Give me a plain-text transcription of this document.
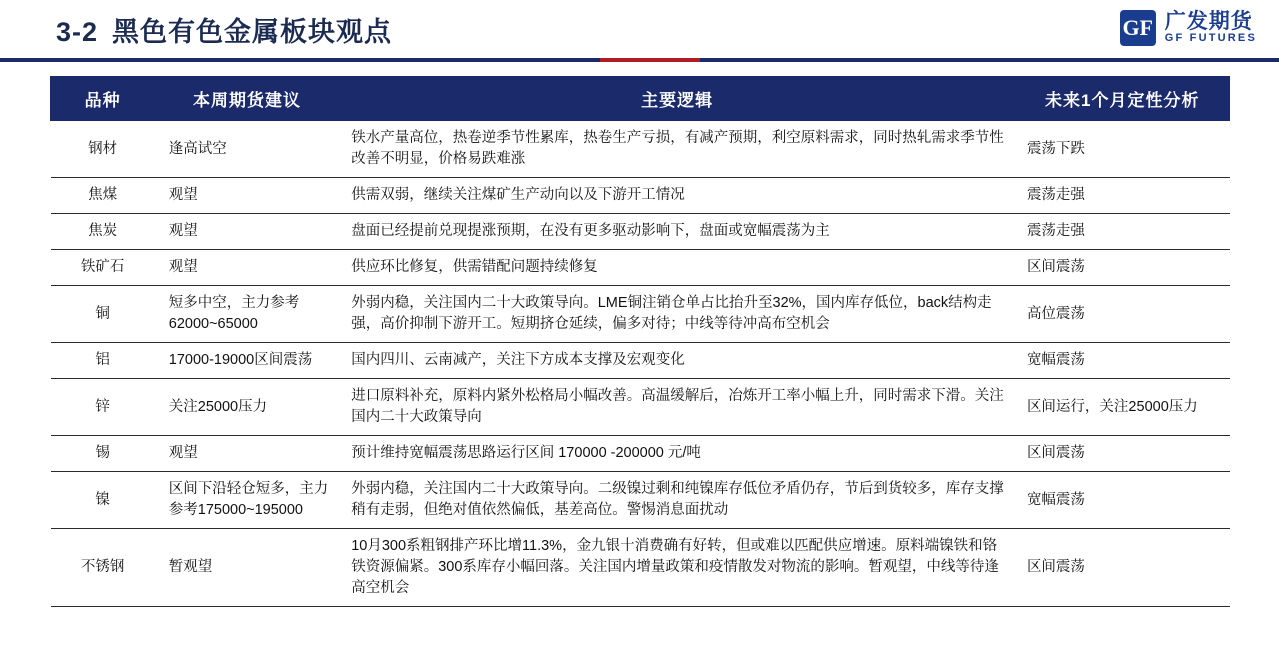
3-2 黑色有色金属板块观点	GF 广发期货
GF FUTURES
品种	本周期货建议	主要逻辑	未来1个月定性分析
钢材	逢高试空	铁水产量高位，热卷逆季节性累库，热卷生产亏损，有减产预期，利空原料需求，同时热轧需求季节性改善不明显，价格易跌难涨	震荡下跌
焦煤	观望	供需双弱，继续关注煤矿生产动向以及下游开工情况	震荡走强
焦炭	观望	盘面已经提前兑现提涨预期，在没有更多驱动影响下，盘面或宽幅震荡为主	震荡走强
铁矿石	观望	供应环比修复，供需错配问题持续修复	区间震荡
铜	短多中空，主力参考62000~65000	外弱内稳，关注国内二十大政策导向。LME铜注销仓单占比抬升至32%，国内库存低位，back结构走强，高价抑制下游开工。短期挤仓延续，偏多对待；中线等待冲高布空机会	高位震荡
铝	17000-19000区间震荡	国内四川、云南减产，关注下方成本支撑及宏观变化	宽幅震荡
锌	关注25000压力	进口原料补充，原料内紧外松格局小幅改善。高温缓解后，冶炼开工率小幅上升，同时需求下滑。关注国内二十大政策导向	区间运行，关注25000压力
锡	观望	预计维持宽幅震荡思路运行区间 170000 -200000 元/吨	区间震荡
镍	区间下沿轻仓短多，主力参考175000~195000	外弱内稳，关注国内二十大政策导向。二级镍过剩和纯镍库存低位矛盾仍存，节后到货较多，库存支撑稍有走弱，但绝对值依然偏低，基差高位。警惕消息面扰动	宽幅震荡
不锈钢	暂观望	10月300系粗钢排产环比增11.3%，金九银十消费确有好转，但或难以匹配供应增速。原料端镍铁和铬铁资源偏紧。300系库存小幅回落。关注国内增量政策和疫情散发对物流的影响。暂观望，中线等待逢高空机会	区间震荡
